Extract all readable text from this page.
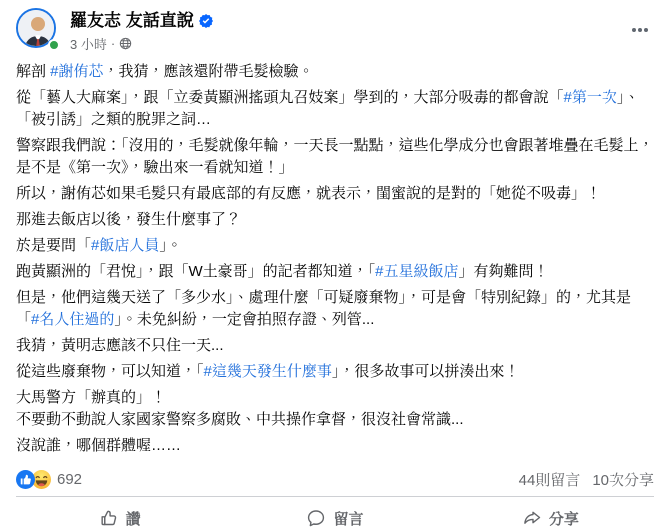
羅友志 友話直說
3 小時 ·

解剖 #謝侑芯，我猜，應該還附帶毛髮檢驗。

從「藝人大麻案」，跟「立委黃顯洲搖頭丸召妓案」學到的，大部分吸毒的都會說「#第一次」、「被引誘」之類的脫罪之詞…

警察跟我們說：「沒用的，毛髮就像年輪，一天長一點點，這些化學成分也會跟著堆疊在毛髮上，是不是《第一次》，驗出來一看就知道！」

所以，謝侑芯如果毛髮只有最底部的有反應，就表示，閨蜜說的是對的「她從不吸毒」！

那進去飯店以後，發生什麼事了？

於是要問「#飯店人員」。

跑黃顯洲的「君悅」，跟「W土豪哥」的記者都知道，「#五星級飯店」有夠難問！

但是，他們這幾天送了「多少水」、處理什麼「可疑廢棄物」，可是會「特別紀錄」的，尤其是「#名人住過的」。未免糾紛，一定會拍照存證、列管...

我猜，黃明志應該不只住一天...

從這些廢棄物，可以知道，「#這幾天發生什麼事」，很多故事可以拼湊出來！

大馬警方「辦真的」！
不要動不動說人家國家警察多腐敗、中共操作拿督，很沒社會常識...

沒說誰，哪個群體喔……

692	44則留言 10次分享
讚	留言	分享
